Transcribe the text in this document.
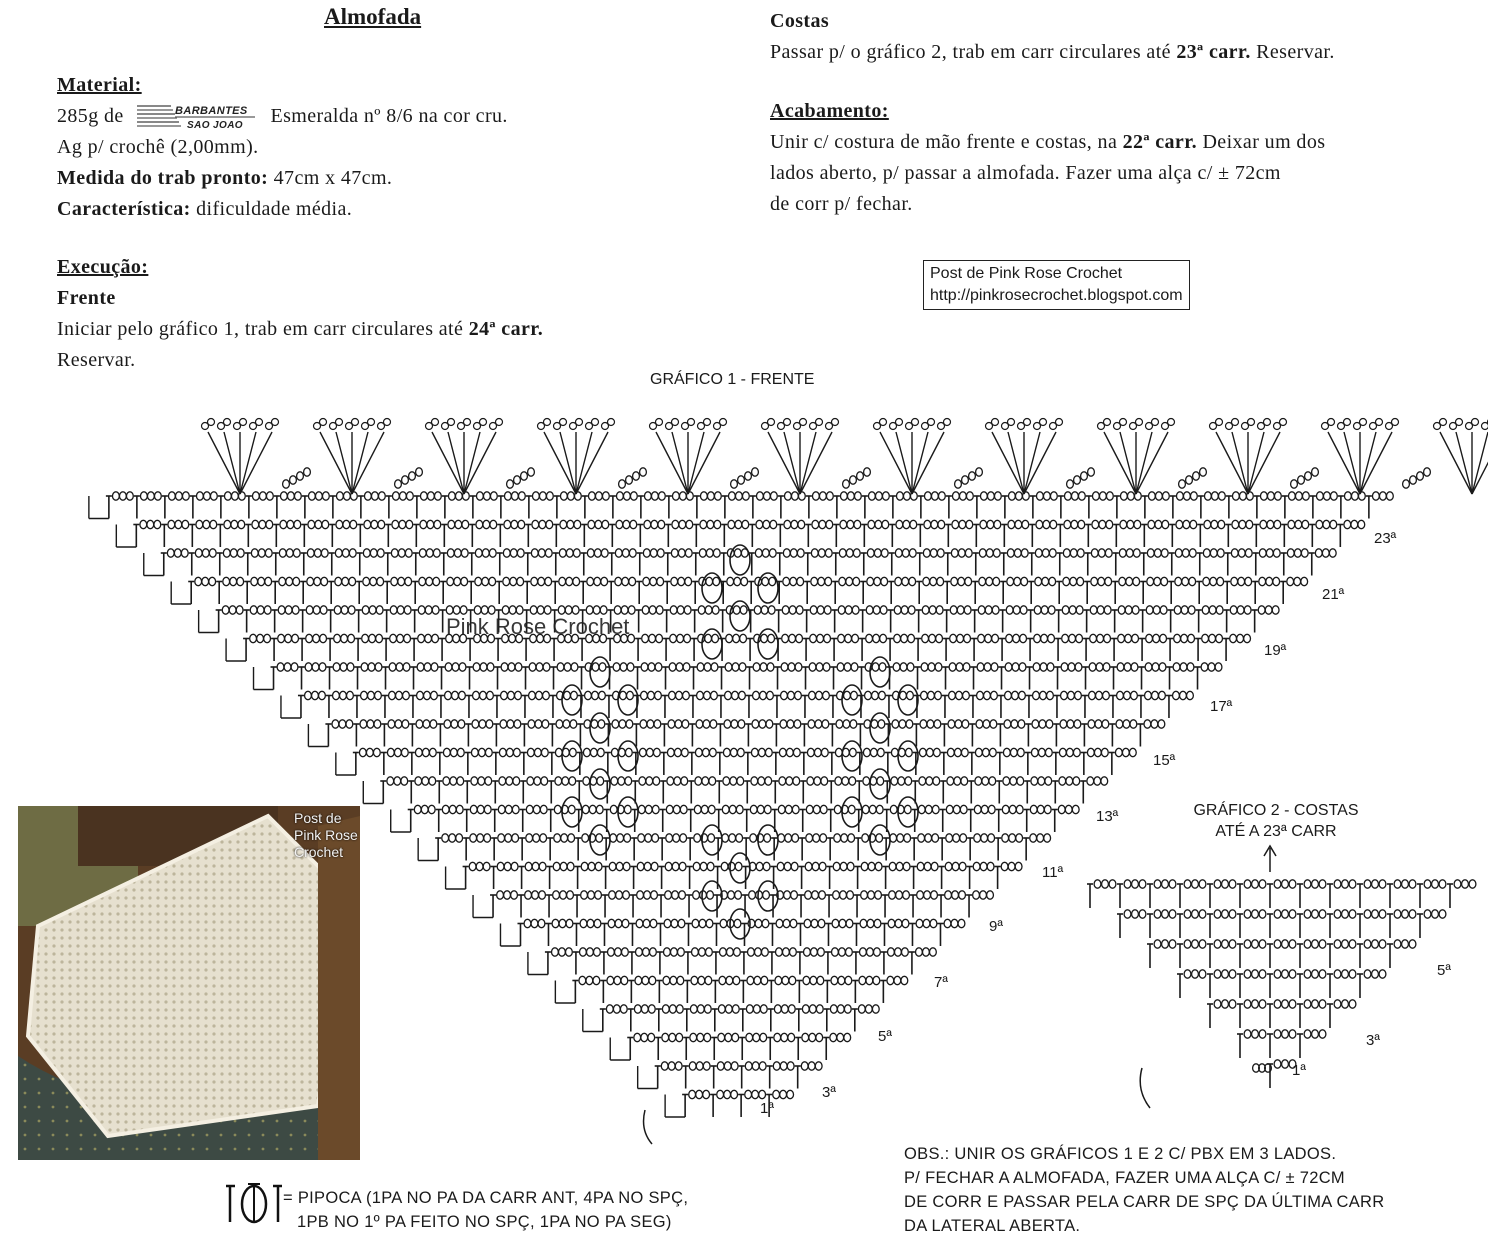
Almofada
Material:
285g de	BARBANTES
SAO JOAO Esmeralda nº 8/6 na cor cru.
Ag p/ crochê (2,00mm).
Medida do trab pronto: 47cm x 47cm.
Característica: dificuldade média.
Execução:
Frente
Iniciar pelo gráfico 1, trab em carr circulares até 24ª carr.
Reservar.
Costas
Passar p/ o gráfico 2, trab em carr circulares até 23ª carr. Reservar.
Acabamento:
Unir c/ costura de mão frente e costas, na 22ª carr. Deixar um dos
lados aberto, p/ passar a almofada. Fazer uma alça c/ ± 72cm
de corr p/ fechar.
Post de Pink Rose Crochet
http://pinkrosecrochet.blogspot.com
GRÁFICO 1 - FRENTE
Pink Rose Crochet
23ª
21ª
19ª
17ª
15ª
13ª
11ª
9ª
7ª
5ª
3ª
1ª
GRÁFICO 2 - COSTAS
ATÉ A 23ª CARR
5ª
3ª
1ª
Post de
Pink Rose
Crochet
= PIPOCA (1PA NO PA DA CARR ANT, 4PA NO SPÇ,
1PB NO 1º PA FEITO NO SPÇ, 1PA NO PA SEG)
OBS.: UNIR OS GRÁFICOS 1 E 2 C/ PBX EM 3 LADOS.
P/ FECHAR A ALMOFADA, FAZER UMA ALÇA C/ ± 72CM
DE CORR E PASSAR PELA CARR DE SPÇ DA ÚLTIMA CARR
DA LATERAL ABERTA.
